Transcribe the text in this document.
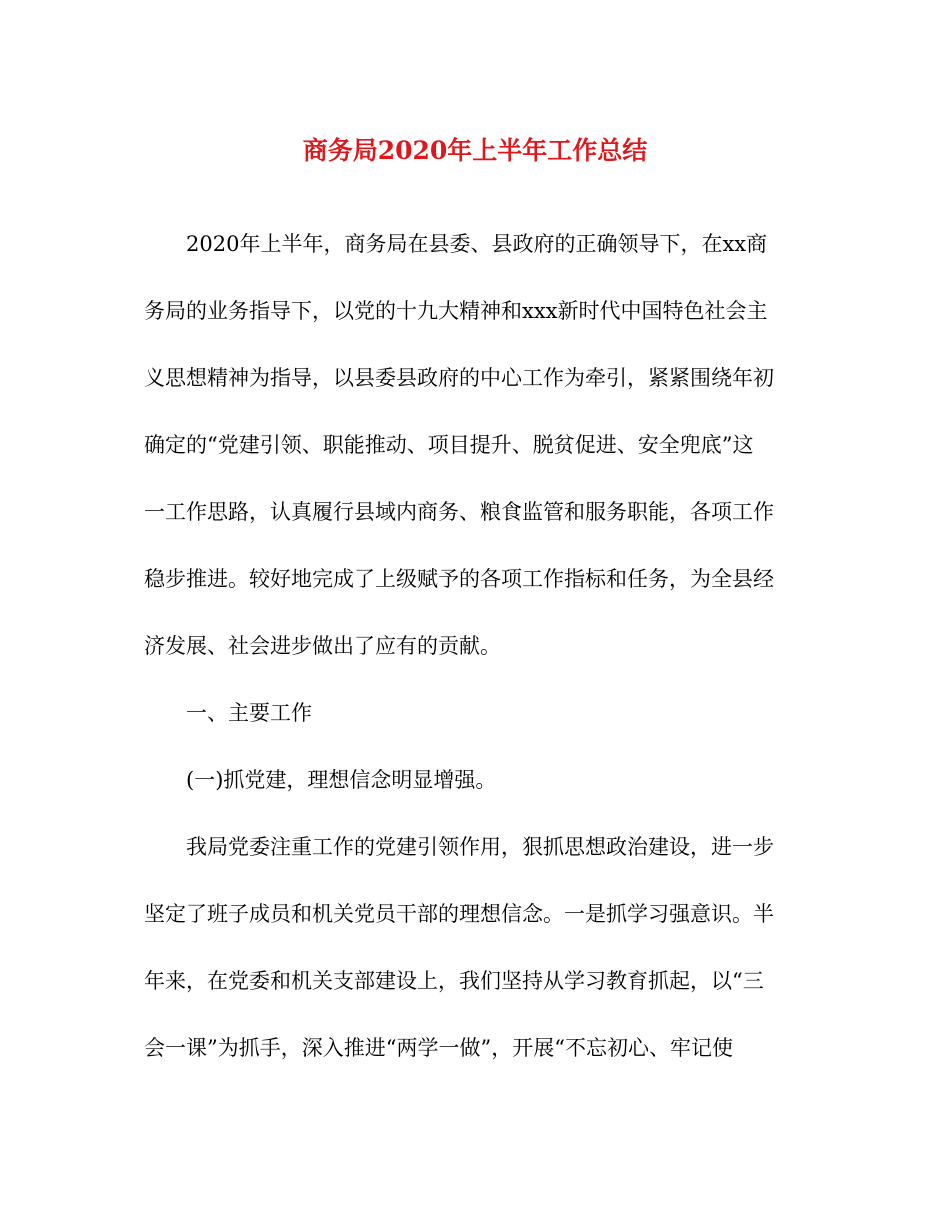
商务局2020年上半年工作总结
2020年上半年，商务局在县委、县政府的正确领导下，在xx商
务局的业务指导下，以党的十九大精神和xxx新时代中国特色社会主
义思想精神为指导，以县委县政府的中心工作为牵引，紧紧围绕年初
确定的“党建引领、职能推动、项目提升、脱贫促进、安全兜底”这
一工作思路，认真履行县域内商务、粮食监管和服务职能，各项工作
稳步推进。较好地完成了上级赋予的各项工作指标和任务，为全县经
济发展、社会进步做出了应有的贡献。
一、主要工作
(一)抓党建，理想信念明显增强。
我局党委注重工作的党建引领作用，狠抓思想政治建设，进一步
坚定了班子成员和机关党员干部的理想信念。一是抓学习强意识。半
年来，在党委和机关支部建设上，我们坚持从学习教育抓起，以“三
会一课”为抓手，深入推进“两学一做”，开展“不忘初心、牢记使
